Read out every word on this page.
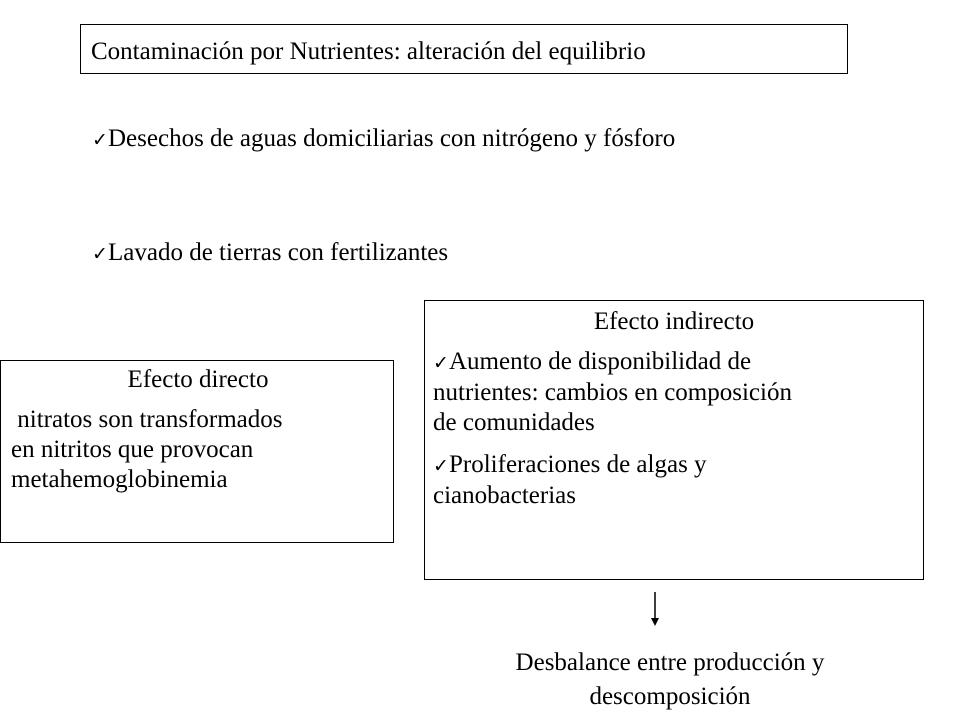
Contaminación por Nutrientes: alteración del equilibrio
✓Desechos de aguas domiciliarias con nitrógeno y fósforo
✓Lavado de tierras con fertilizantes
Efecto directo
nitratos son transformados
en nitritos que provocan
metahemoglobinemia
Efecto indirecto
✓Aumento de disponibilidad de
nutrientes: cambios en composición
de comunidades
✓Proliferaciones de algas y
cianobacterias
Desbalance entre producción y
descomposición
